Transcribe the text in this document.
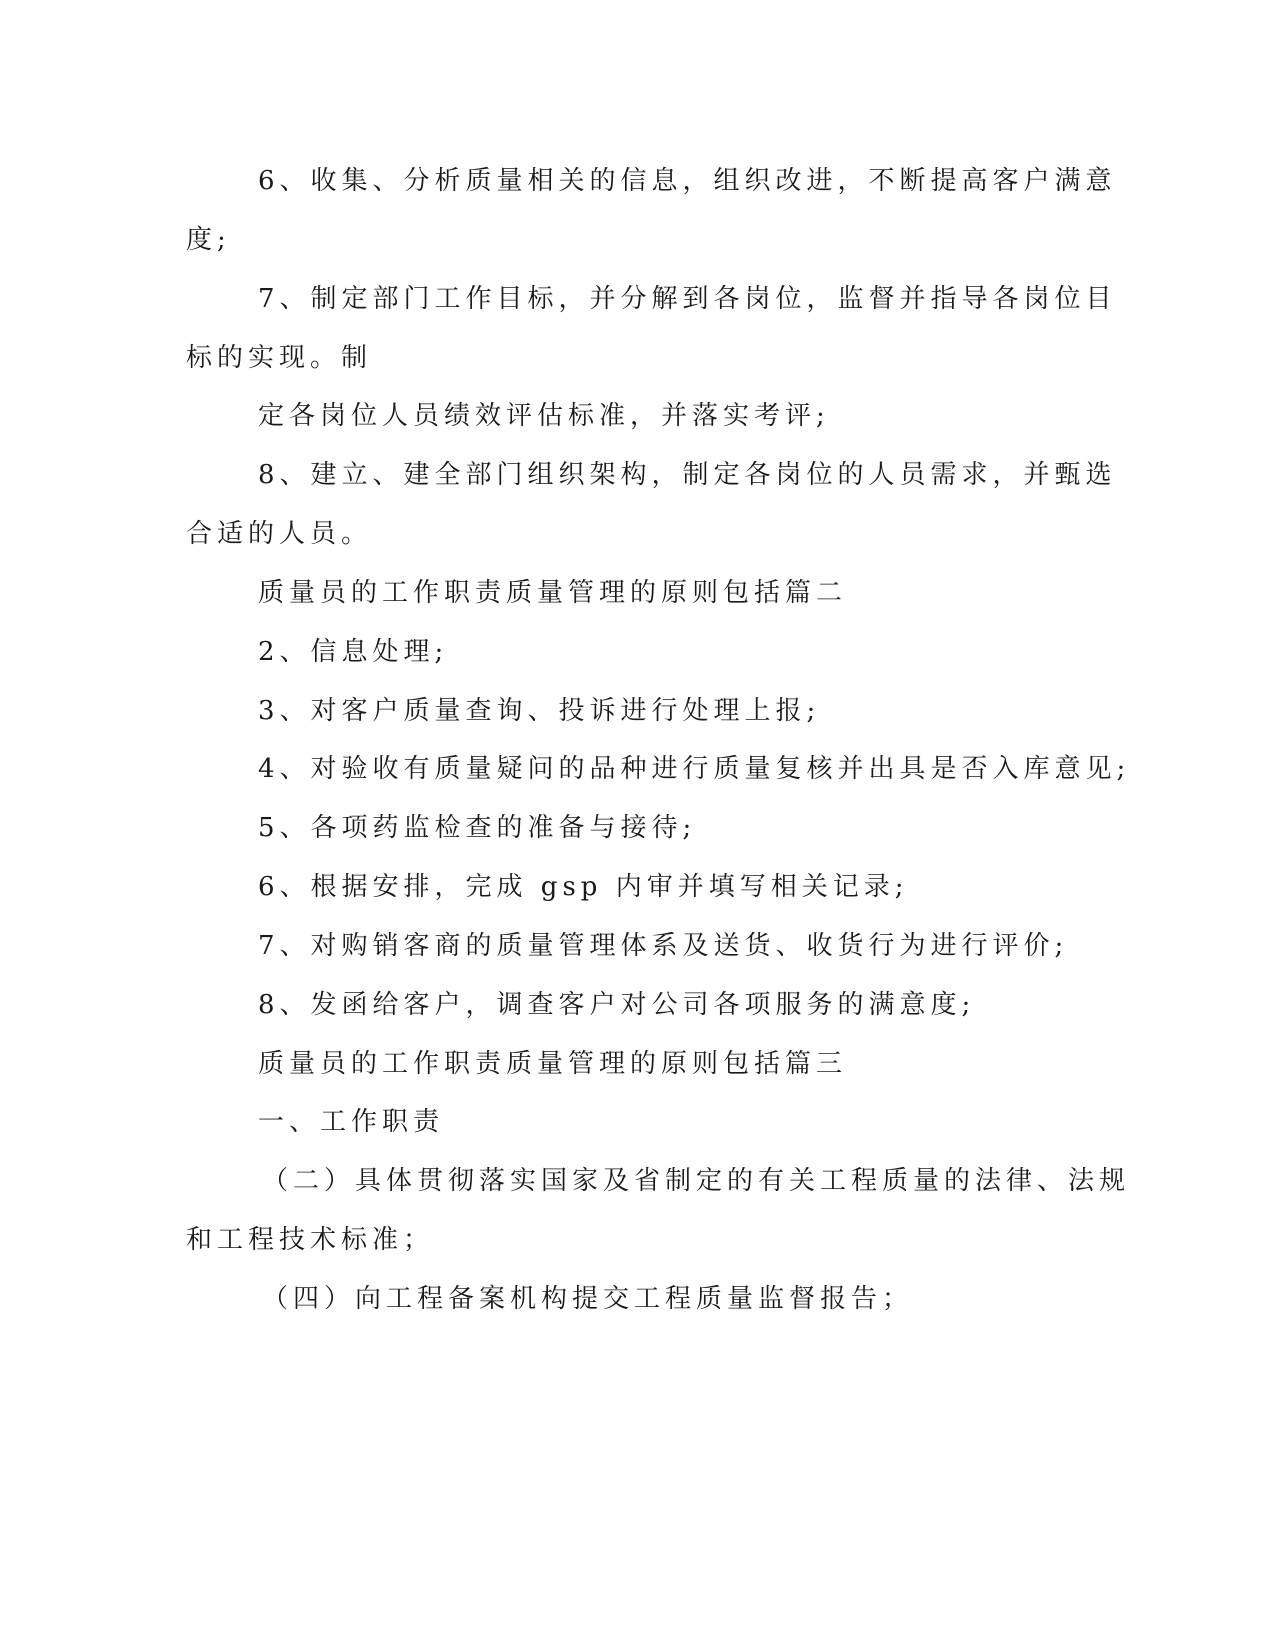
6、收集、分析质量相关的信息，组织改进，不断提高客户满意
度;
7、制定部门工作目标，并分解到各岗位，监督并指导各岗位目
标的实现。制
定各岗位人员绩效评估标准，并落实考评;
8、建立、建全部门组织架构，制定各岗位的人员需求，并甄选
合适的人员。
质量员的工作职责质量管理的原则包括篇二
2、信息处理;
3、对客户质量查询、投诉进行处理上报;
4、对验收有质量疑问的品种进行质量复核并出具是否入库意见;
5、各项药监检查的准备与接待;
6、根据安排，完成 gsp 内审并填写相关记录;
7、对购销客商的质量管理体系及送货、收货行为进行评价;
8、发函给客户，调查客户对公司各项服务的满意度;
质量员的工作职责质量管理的原则包括篇三
一、工作职责
（二）具体贯彻落实国家及省制定的有关工程质量的法律、法规
和工程技术标准；
（四）向工程备案机构提交工程质量监督报告；
